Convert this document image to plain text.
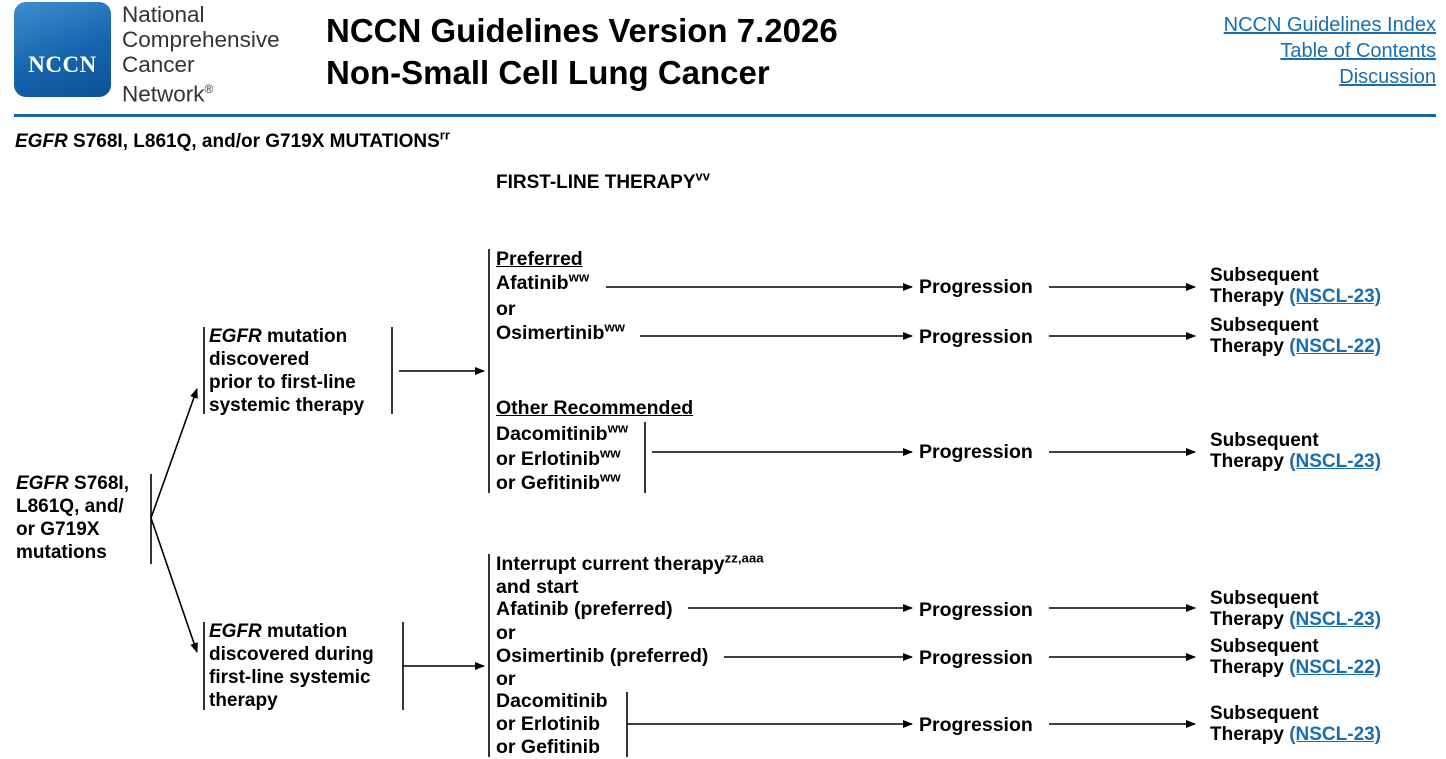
NCCN
National
Comprehensive
Cancer
Network®
NCCN Guidelines Version 7.2026
Non-Small Cell Lung Cancer
NCCN Guidelines Index
Table of Contents
Discussion
EGFR S768I, L861Q, and/or G719X $MUTATIONS^{rr}$
FIRST-LINE THERAPY$^{vv}$
EGFR S768I,
L861Q, and/
or G719X
mutations
EGFR mutation
discovered
prior to first-line
systemic therapy
EGFR mutation
discovered during
first-line systemic
therapy
Preferred
Afatinib$^{ww}$
or
Osimertinib$^{ww}$
Other Recommended
Dacomitinib$^{ww}$
or Erlotinib$^{ww}$
or Gefitinib$^{ww}$
Interrupt current therapy$^{zz,aaa}$
and start
Afatinib (preferred)
or
Osimertinib (preferred)
or
Dacomitinib
or Erlotinib
or Gefitinib
Progression
Progression
Progression
Progression
Progression
Progression
Subsequent
Therapy (NSCL-23)
Subsequent
Therapy (NSCL-22)
Subsequent
Therapy (NSCL-23)
Subsequent
Therapy (NSCL-23)
Subsequent
Therapy (NSCL-22)
Subsequent
Therapy (NSCL-23)
